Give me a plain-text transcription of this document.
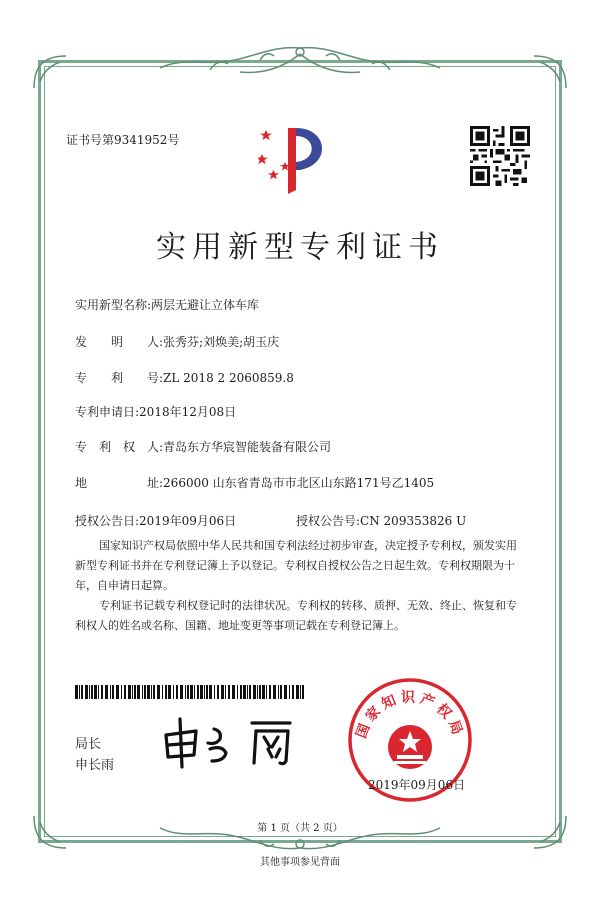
证书号第9341952号
实用新型专利证书
实用新型名称:两层无避让立体车库
发　　明　　人:张秀芬;刘焕美;胡玉庆
专　　利　　号:ZL 2018 2 2060859.8
专利申请日:2018年12月08日
专　利　权　人:青岛东方华宸智能装备有限公司
地　　　　　址:266000 山东省青岛市市北区山东路171号乙1405
授权公告日:2019年09月06日	授权公告号:CN 209353826 U

国家知识产权局依照中华人民共和国专利法经过初步审查，决定授予专利权，颁发实用新型专利证书并在专利登记簿上予以登记。专利权自授权公告之日起生效。专利权期限为十年，自申请日起算。

专利证书记载专利权登记时的法律状况。专利权的转移、质押、无效、终止、恢复和专利权人的姓名或名称、国籍、地址变更等事项记载在专利登记簿上。

局长
申长雨
国家知识产权局
2019年09月06日
第 1 页（共 2 页）
其他事项参见背面
